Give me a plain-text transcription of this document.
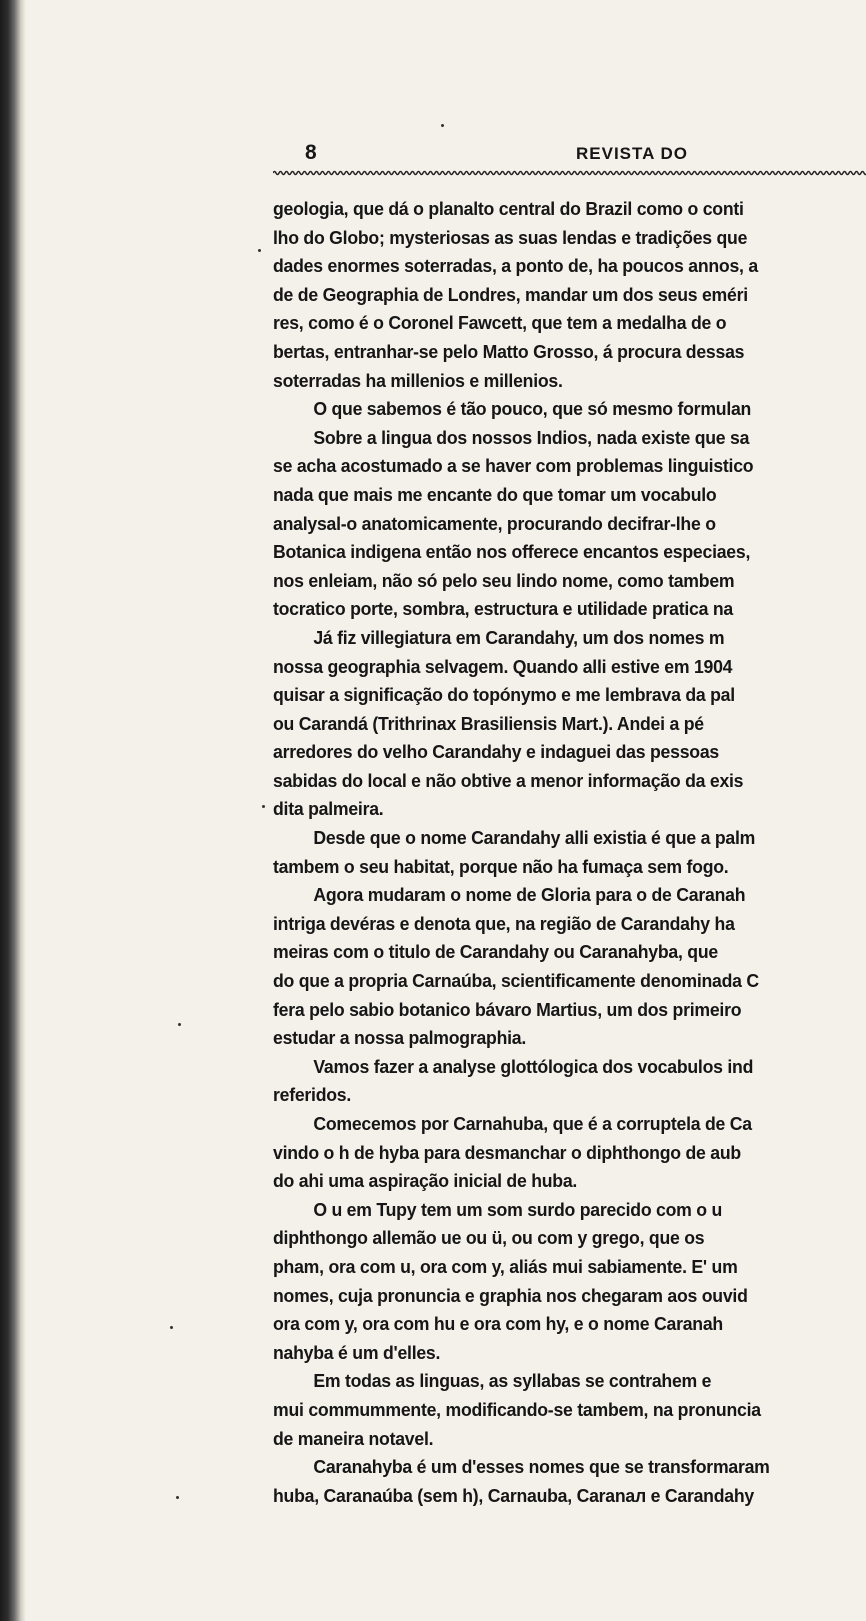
8	REVISTA DO
geologia, que dá o planalto central do Brazil como o conti
lho do Globo; mysteriosas as suas lendas e tradições que
dades enormes soterradas, a ponto de, ha poucos annos, a
de de Geographia de Londres, mandar um dos seus eméri
res, como é o Coronel Fawcett, que tem a medalha de o
bertas, entranhar-se pelo Matto Grosso, á procura dessas
soterradas ha millenios e millenios.
O que sabemos é tão pouco, que só mesmo formulan
Sobre a lingua dos nossos Indios, nada existe que sa
se acha acostumado a se haver com problemas linguistico
nada que mais me encante do que tomar um vocabulo
analysal-o anatomicamente, procurando decifrar-lhe o
Botanica indigena então nos offerece encantos especiaes,
nos enleiam, não só pelo seu lindo nome, como tambem
tocratico porte, sombra, estructura e utilidade pratica na
Já fiz villegiatura em Carandahy, um dos nomes m
nossa geographia selvagem. Quando alli estive em 1904
quisar a significação do topónymo e me lembrava da pal
ou Carandá (Trithrinax Brasiliensis Mart.). Andei a pé
arredores do velho Carandahy e indaguei das pessoas
sabidas do local e não obtive a menor informação da exis
dita palmeira.
Desde que o nome Carandahy alli existia é que a palm
tambem o seu habitat, porque não ha fumaça sem fogo.
Agora mudaram o nome de Gloria para o de Caranah
intriga devéras e denota que, na região de Carandahy ha
meiras com o titulo de Carandahy ou Caranahyba, que
do que a propria Carnaúba, scientificamente denominada C
fera pelo sabio botanico bávaro Martius, um dos primeiro
estudar a nossa palmographia.
Vamos fazer a analyse glottólogica dos vocabulos ind
referidos.
Comecemos por Carnahuba, que é a corruptela de Ca
vindo o h de hуba para desmanchar o diphthongo de aub
do ahi uma aspiração inicial de huba.
O u em Tupy tem um som surdo parecido com o u
diphthongo allemão ue ou ü, ou com y grego, que os
pham, ora com u, ora com y, aliás mui sabiamente. E' um
nomes, cuja pronuncia e graphia nos chegaram aos ouvid
ora com y, ora com hu e ora com hy, e o nome Caranah
nahyba é um d'elles.
Em todas as linguas, as syllabas se contrahem e
mui commummente, modificando-se tambem, na pronuncia
de maneira notavel.
Caranahyba é um d'esses nomes que se transformaram
huba, Caranaúba (sem h), Carnauba, Caranал e Carandahy
